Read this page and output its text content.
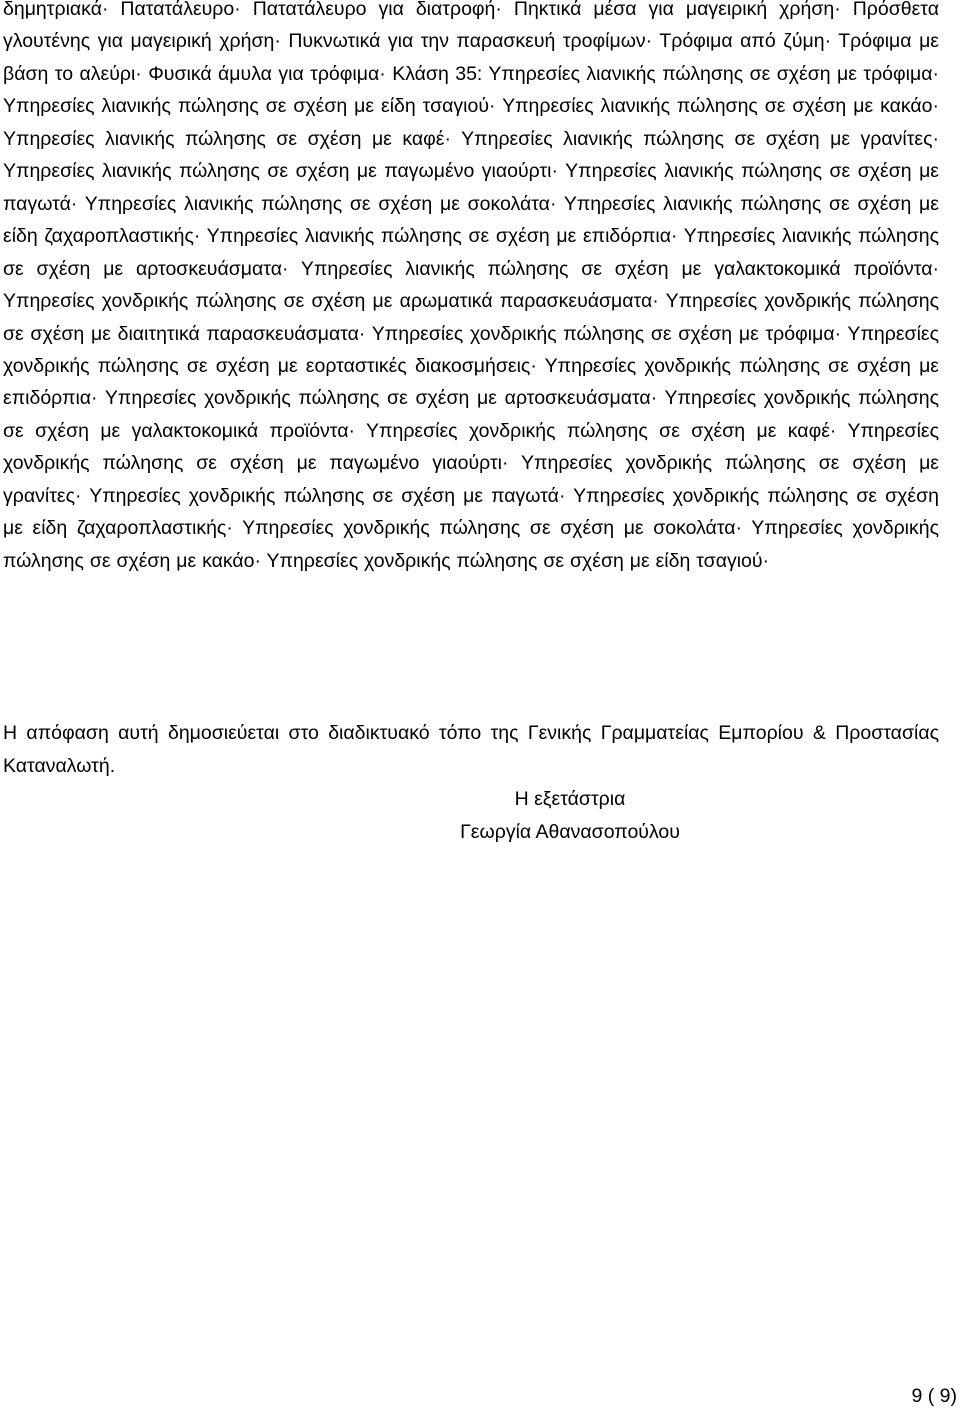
δημητριακά· Πατατάλευρο· Πατατάλευρο για διατροφή· Πηκτικά μέσα για μαγειρική χρήση· Πρόσθετα γλουτένης για μαγειρική χρήση· Πυκνωτικά για την παρασκευή τροφίμων· Τρόφιμα από ζύμη· Τρόφιμα με βάση το αλεύρι· Φυσικά άμυλα για τρόφιμα· Κλάση 35: Υπηρεσίες λιανικής πώλησης σε σχέση με τρόφιμα· Υπηρεσίες λιανικής πώλησης σε σχέση με είδη τσαγιού· Υπηρεσίες λιανικής πώλησης σε σχέση με κακάο· Υπηρεσίες λιανικής πώλησης σε σχέση με καφέ· Υπηρεσίες λιανικής πώλησης σε σχέση με γρανίτες· Υπηρεσίες λιανικής πώλησης σε σχέση με παγωμένο γιαούρτι· Υπηρεσίες λιανικής πώλησης σε σχέση με παγωτά· Υπηρεσίες λιανικής πώλησης σε σχέση με σοκολάτα· Υπηρεσίες λιανικής πώλησης σε σχέση με είδη ζαχαροπλαστικής· Υπηρεσίες λιανικής πώλησης σε σχέση με επιδόρπια· Υπηρεσίες λιανικής πώλησης σε σχέση με αρτοσκευάσματα· Υπηρεσίες λιανικής πώλησης σε σχέση με γαλακτοκομικά προϊόντα· Υπηρεσίες χονδρικής πώλησης σε σχέση με αρωματικά παρασκευάσματα· Υπηρεσίες χονδρικής πώλησης σε σχέση με διαιτητικά παρασκευάσματα· Υπηρεσίες χονδρικής πώλησης σε σχέση με τρόφιμα· Υπηρεσίες χονδρικής πώλησης σε σχέση με εορταστικές διακοσμήσεις· Υπηρεσίες χονδρικής πώλησης σε σχέση με επιδόρπια· Υπηρεσίες χονδρικής πώλησης σε σχέση με αρτοσκευάσματα· Υπηρεσίες χονδρικής πώλησης σε σχέση με γαλακτοκομικά προϊόντα· Υπηρεσίες χονδρικής πώλησης σε σχέση με καφέ· Υπηρεσίες χονδρικής πώλησης σε σχέση με παγωμένο γιαούρτι· Υπηρεσίες χονδρικής πώλησης σε σχέση με γρανίτες· Υπηρεσίες χονδρικής πώλησης σε σχέση με παγωτά· Υπηρεσίες χονδρικής πώλησης σε σχέση με είδη ζαχαροπλαστικής· Υπηρεσίες χονδρικής πώλησης σε σχέση με σοκολάτα· Υπηρεσίες χονδρικής πώλησης σε σχέση με κακάο· Υπηρεσίες χονδρικής πώλησης σε σχέση με είδη τσαγιού·

Η απόφαση αυτή δημοσιεύεται στο διαδικτυακό τόπο της Γενικής Γραμματείας Εμπορίου & Προστασίας Καταναλωτή.

Η εξετάστρια
Γεωργία Αθανασοπούλου
9 ( 9)
